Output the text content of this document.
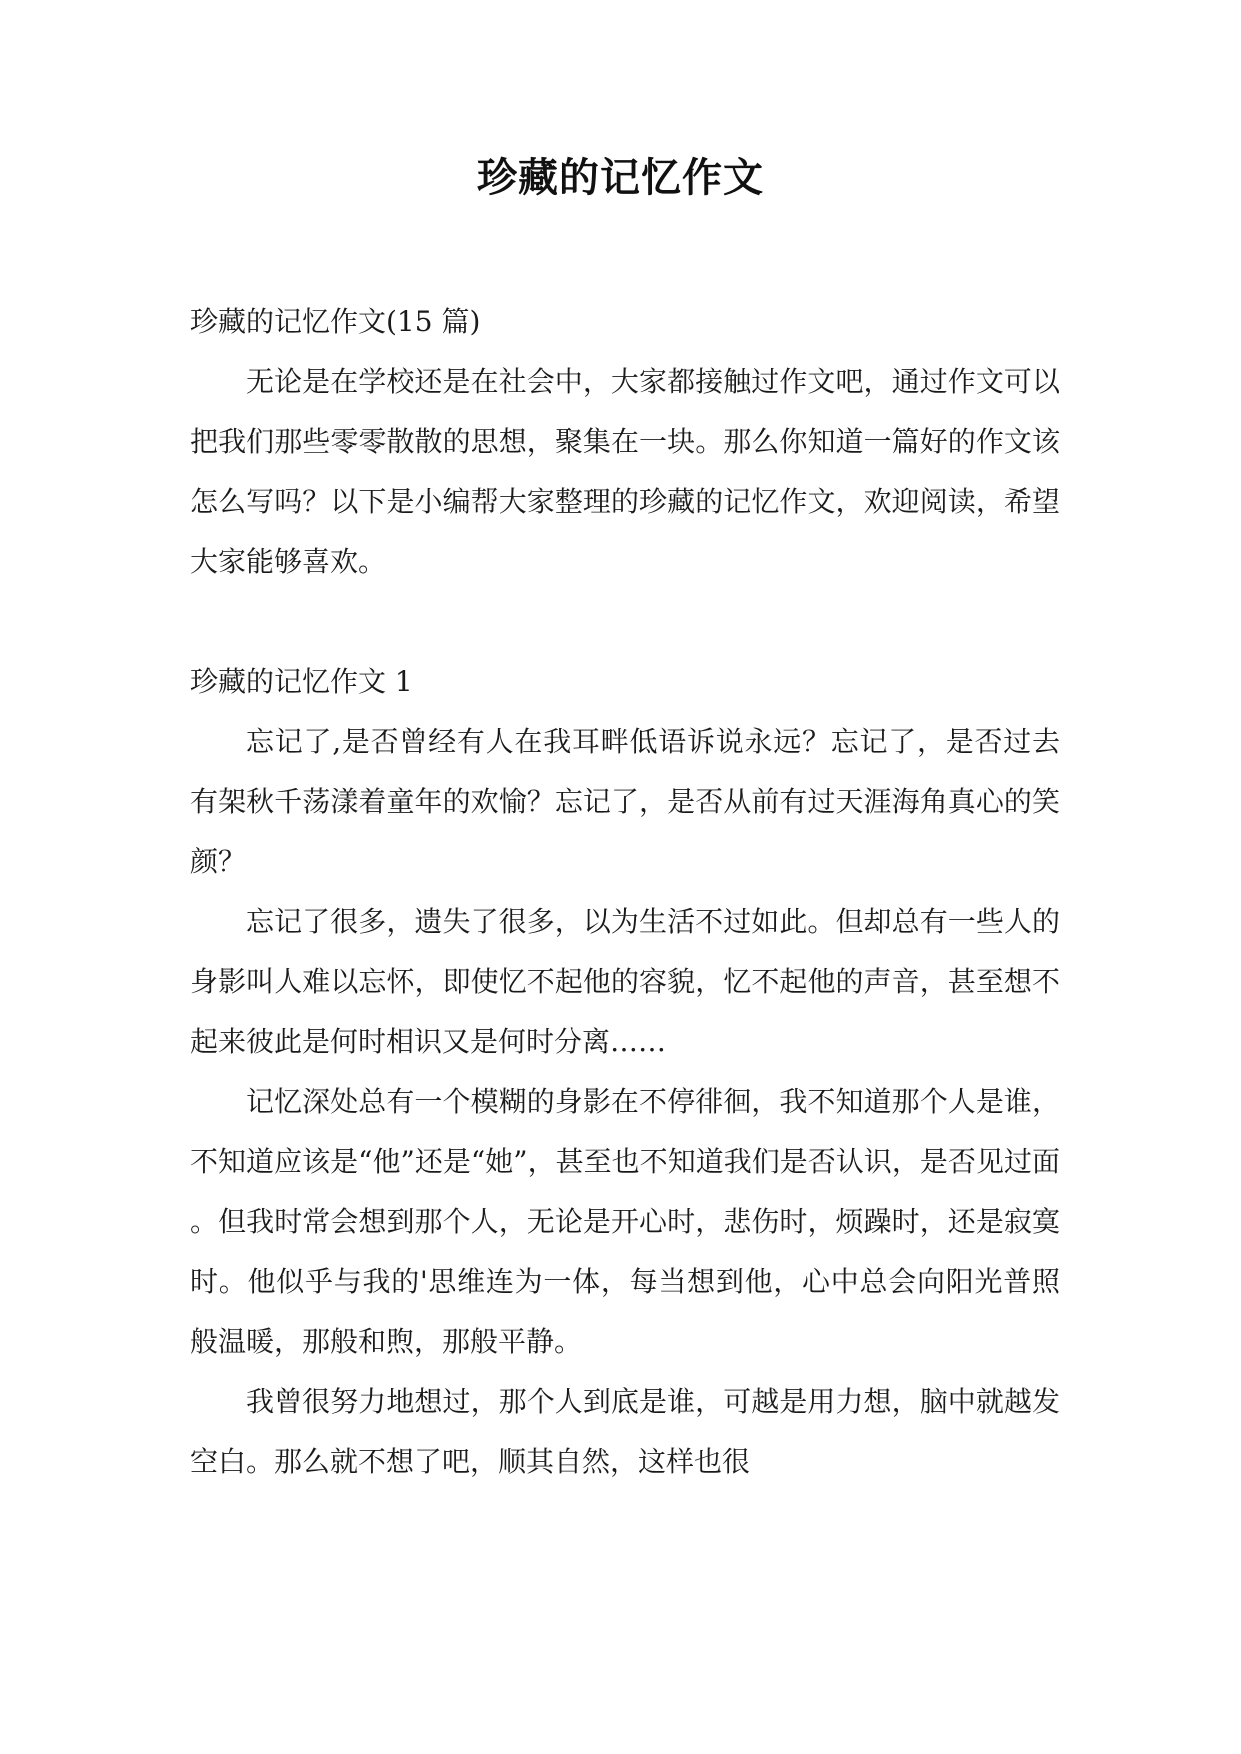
珍藏的记忆作文

珍藏的记忆作文(15 篇)

无论是在学校还是在社会中，大家都接触过作文吧，通过作文可以把我们那些零零散散的思想，聚集在一块。那么你知道一篇好的作文该怎么写吗？以下是小编帮大家整理的珍藏的记忆作文，欢迎阅读，希望大家能够喜欢。

珍藏的记忆作文 1

忘记了,是否曾经有人在我耳畔低语诉说永远？忘记了，是否过去有架秋千荡漾着童年的欢愉？忘记了，是否从前有过天涯海角真心的笑颜？

忘记了很多，遗失了很多，以为生活不过如此。但却总有一些人的身影叫人难以忘怀，即使忆不起他的容貌，忆不起他的声音，甚至想不起来彼此是何时相识又是何时分离……

记忆深处总有一个模糊的身影在不停徘徊，我不知道那个人是谁，不知道应该是“他”还是“她”，甚至也不知道我们是否认识，是否见过面。但我时常会想到那个人，无论是开心时，悲伤时，烦躁时，还是寂寞时。他似乎与我的'思维连为一体，每当想到他，心中总会向阳光普照般温暖，那般和煦，那般平静。

我曾很努力地想过，那个人到底是谁，可越是用力想，脑中就越发空白。那么就不想了吧，顺其自然，这样也很
